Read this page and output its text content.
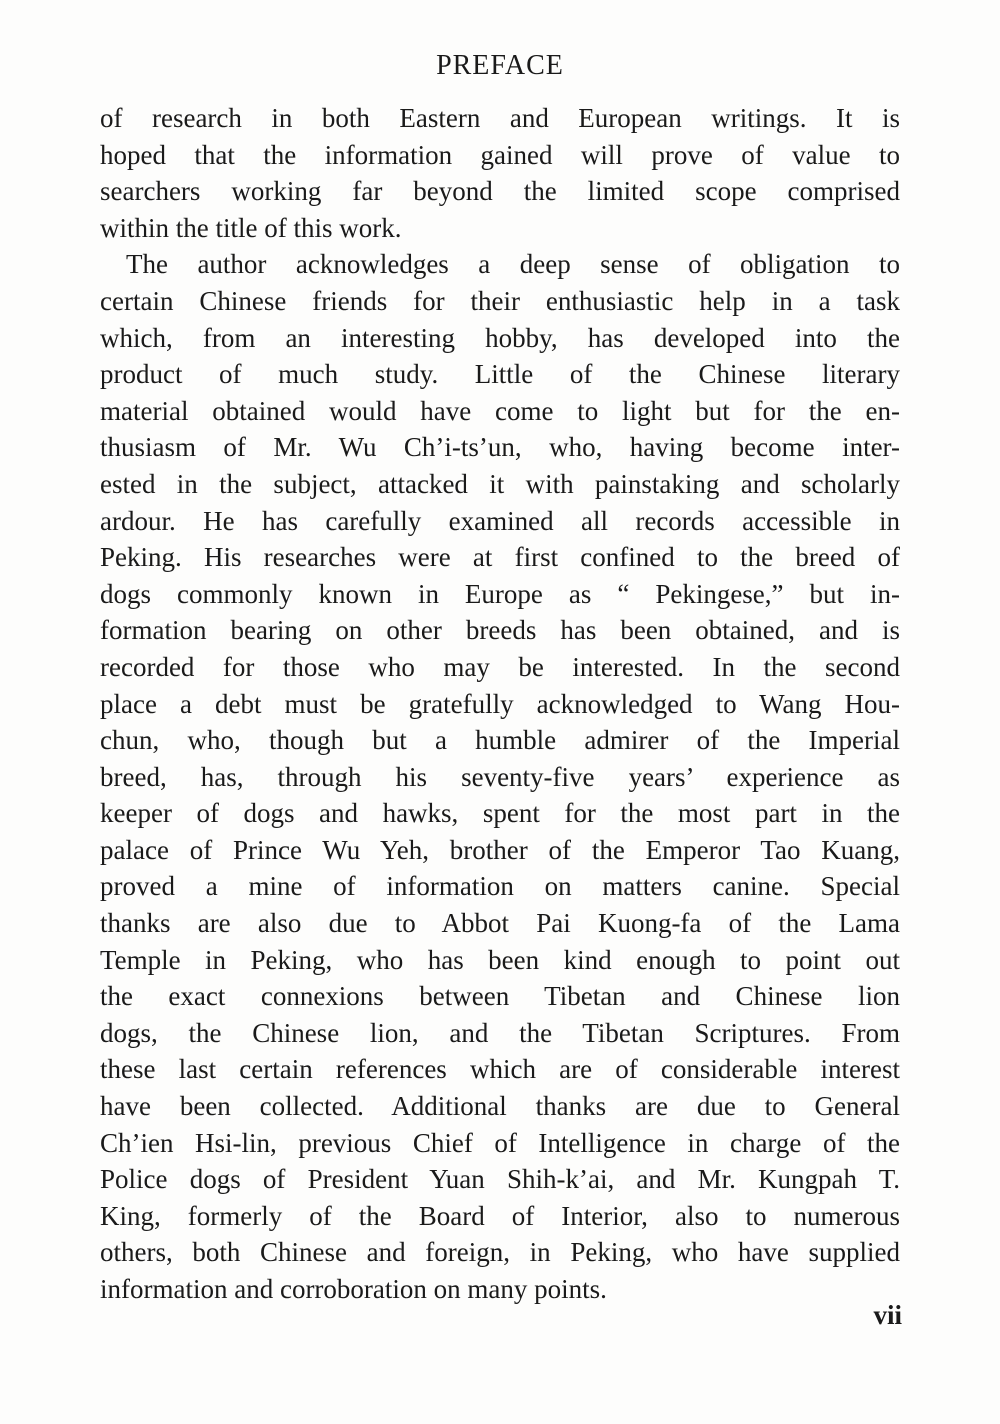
PREFACE
of research in both Eastern and European writings. It is
hoped that the information gained will prove of value to
searchers working far beyond the limited scope comprised
within the title of this work.
The author acknowledges a deep sense of obligation to
certain Chinese friends for their enthusiastic help in a task
which, from an interesting hobby, has developed into the
product of much study. Little of the Chinese literary
material obtained would have come to light but for the en-
thusiasm of Mr. Wu Ch’i-ts’un, who, having become inter-
ested in the subject, attacked it with painstaking and scholarly
ardour. He has carefully examined all records accessible in
Peking. His researches were at first confined to the breed of
dogs commonly known in Europe as “ Pekingese,” but in-
formation bearing on other breeds has been obtained, and is
recorded for those who may be interested. In the second
place a debt must be gratefully acknowledged to Wang Hou-
chun, who, though but a humble admirer of the Imperial
breed, has, through his seventy-five years’ experience as
keeper of dogs and hawks, spent for the most part in the
palace of Prince Wu Yeh, brother of the Emperor Tao Kuang,
proved a mine of information on matters canine. Special
thanks are also due to Abbot Pai Kuong-fa of the Lama
Temple in Peking, who has been kind enough to point out
the exact connexions between Tibetan and Chinese lion
dogs, the Chinese lion, and the Tibetan Scriptures. From
these last certain references which are of considerable interest
have been collected. Additional thanks are due to General
Ch’ien Hsi-lin, previous Chief of Intelligence in charge of the
Police dogs of President Yuan Shih-k’ai, and Mr. Kungpah T.
King, formerly of the Board of Interior, also to numerous
others, both Chinese and foreign, in Peking, who have supplied
information and corroboration on many points.
vii
